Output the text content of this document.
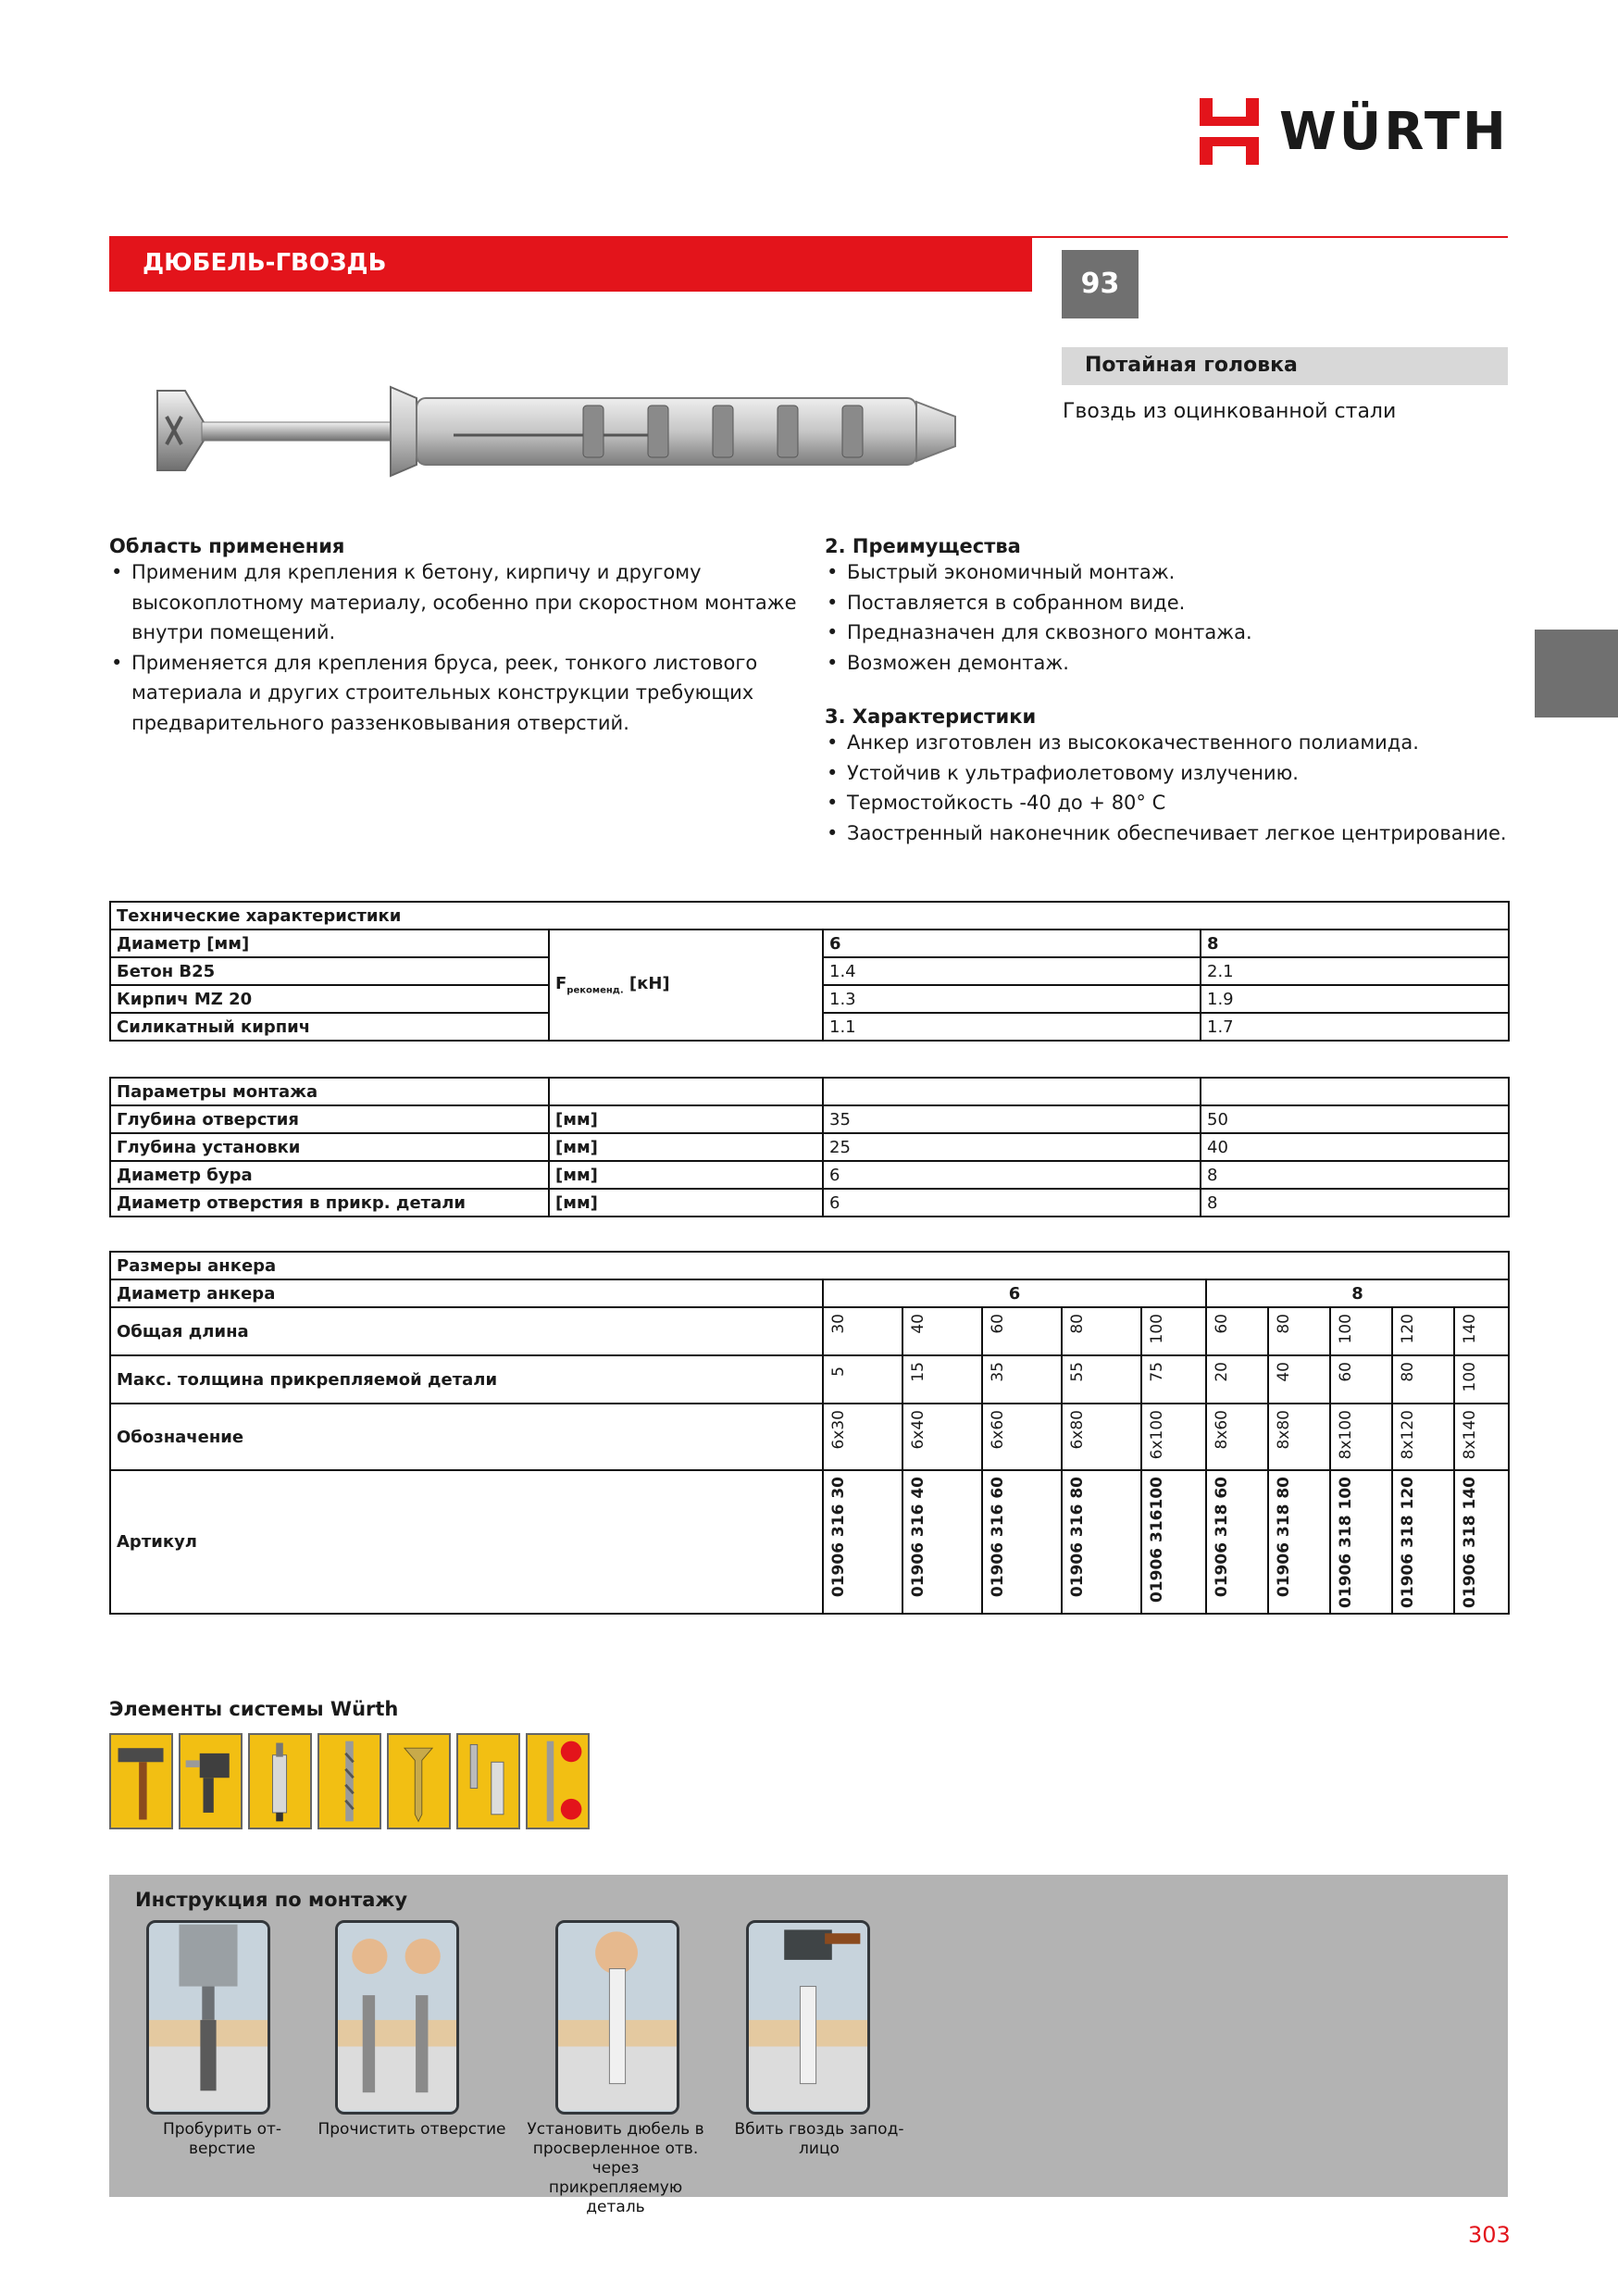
WÜRTH
ДЮБЕЛЬ-ГВОЗДЬ
93
Потайная головка
Гвоздь из оцинкованной стали
Область применения
• Применим для крепления к бетону, кирпичу и другому высокоплотному материалу, особенно при скоростном монтаже внутри помещений.
• Применяется для крепления бруса, реек, тонкого листового материала и других строительных конструкции требующих предварительного раззенковывания отверстий.
2. Преимущества
• Быстрый экономичный монтаж.
• Поставляется в собранном виде.
• Предназначен для сквозного монтажа.
• Возможен демонтаж.
3. Характеристики
• Анкер изготовлен из высококачественного полиамида.
• Устойчив к ультрафиолетовому излучению.
• Термостойкость -40 до + 80° С
• Заостренный наконечник обеспечивает легкое центрирование.
Технические характеристики			
Диаметр [мм]	$F_{рекоменд.}$ [кН]	6	8
Бетон B25		1.4	2.1
Кирпич MZ 20		1.3	1.9
Силикатный кирпич		1.1	1.7
Параметры монтажа			
Глубина отверстия	[мм]	35	50
Глубина установки	[мм]	25	40
Диаметр бура	[мм]	6	8
Диаметр отверстия в прикр. детали	[мм]	6	8
Размеры анкера										
Диаметр анкера	6					8				
Общая длина	30	40	60	80	100	60	80	100	120	140
Макс. толщина прикрепляемой детали	5	15	35	55	75	20	40	60	80	100
Обозначение	6x30	6x40	6x60	6x80	6x100	8x60	8x80	8x100	8x120	8x140
Артикул	01906 316 30	01906 316 40	01906 316 60	01906 316 80	01906 316100	01906 318 60	01906 318 80	01906 318 100	01906 318 120	01906 318 140
Элементы системы Würth
Инструкция по монтажу
Пробурить от-
верстие
Прочистить отверстие Установить дюбель в
просверленное отв.
через прикрепляемую
деталь
Вбить гвоздь запод-
лицо
303
